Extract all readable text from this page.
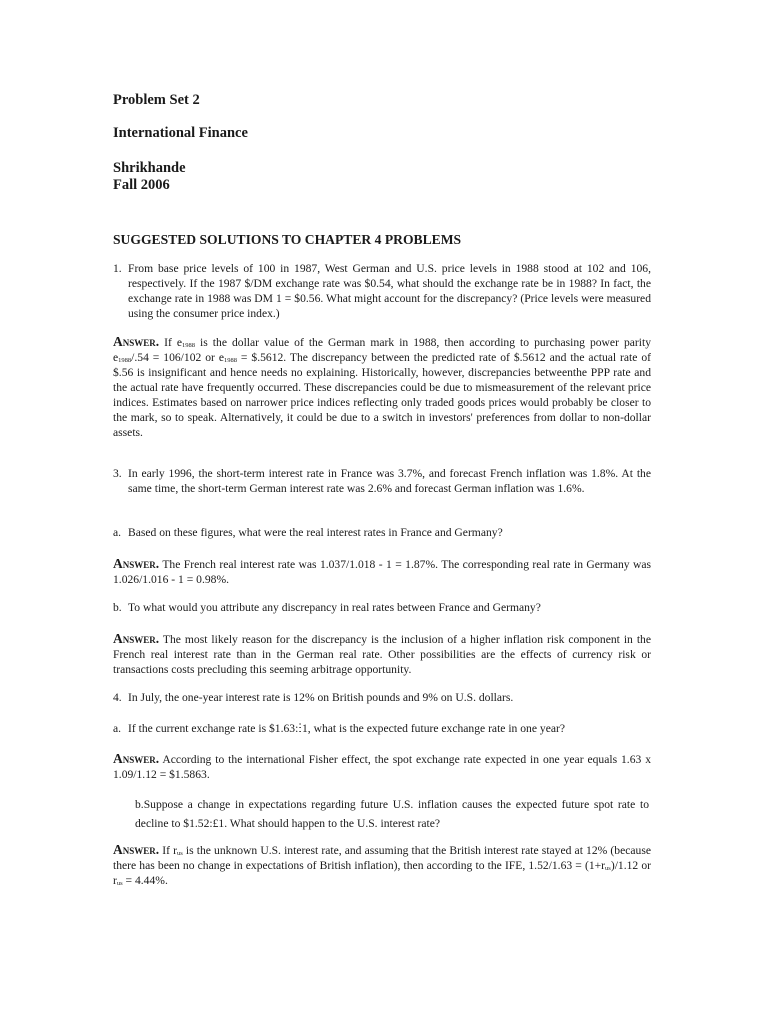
Problem Set 2
International Finance
Shrikhande
Fall 2006
SUGGESTED SOLUTIONS TO CHAPTER 4 PROBLEMS
1. From base price levels of 100 in 1987, West German and U.S. price levels in 1988 stood at 102 and 106, respectively. If the 1987 $/DM exchange rate was $0.54, what should the exchange rate be in 1988? In fact, the exchange rate in 1988 was DM 1 = $0.56. What might account for the discrepancy? (Price levels were measured using the consumer price index.)
Answer. If $e_{1988}$ is the dollar value of the German mark in 1988, then according to purchasing power parity $e_{1988}/.54 = 106/102$ or $e_{1988}$ = $.5612. The discrepancy between the predicted rate of $.5612 and the actual rate of $.56 is insignificant and hence needs no explaining. Historically, however, discrepancies betweenthe PPP rate and the actual rate have frequently occurred. These discrepancies could be due to mismeasurement of the relevant price indices. Estimates based on narrower price indices reflecting only traded goods prices would probably be closer to the mark, so to speak. Alternatively, it could be due to a switch in investors' preferences from dollar to non-dollar assets.
3. In early 1996, the short-term interest rate in France was 3.7%, and forecast French inflation was 1.8%. At the same time, the short-term German interest rate was 2.6% and forecast German inflation was 1.6%.
a. Based on these figures, what were the real interest rates in France and Germany?
Answer. The French real interest rate was 1.037/1.018 - 1 = 1.87%. The corresponding real rate in Germany was 1.026/1.016 - 1 = 0.98%.
b. To what would you attribute any discrepancy in real rates between France and Germany?
Answer. The most likely reason for the discrepancy is the inclusion of a higher inflation risk component in the French real interest rate than in the German real rate. Other possibilities are the effects of currency risk or transactions costs precluding this seeming arbitrage opportunity.
4. In July, the one-year interest rate is 12% on British pounds and 9% on U.S. dollars.
a. If the current exchange rate is $1.63:ⵗ1, what is the expected future exchange rate in one year?
Answer. According to the international Fisher effect, the spot exchange rate expected in one year equals 1.63 x 1.09/1.12 = $1.5863.
b.Suppose a change in expectations regarding future U.S. inflation causes the expected future spot rate to decline to $1.52:£1. What should happen to the U.S. interest rate?
Answer. If $r_{us}$ is the unknown U.S. interest rate, and assuming that the British interest rate stayed at 12% (because there has been no change in expectations of British inflation), then according to the IFE, $1.52/1.63 = (1+r_{us})/1.12$ or $r_{us} = 4.44\%$.
